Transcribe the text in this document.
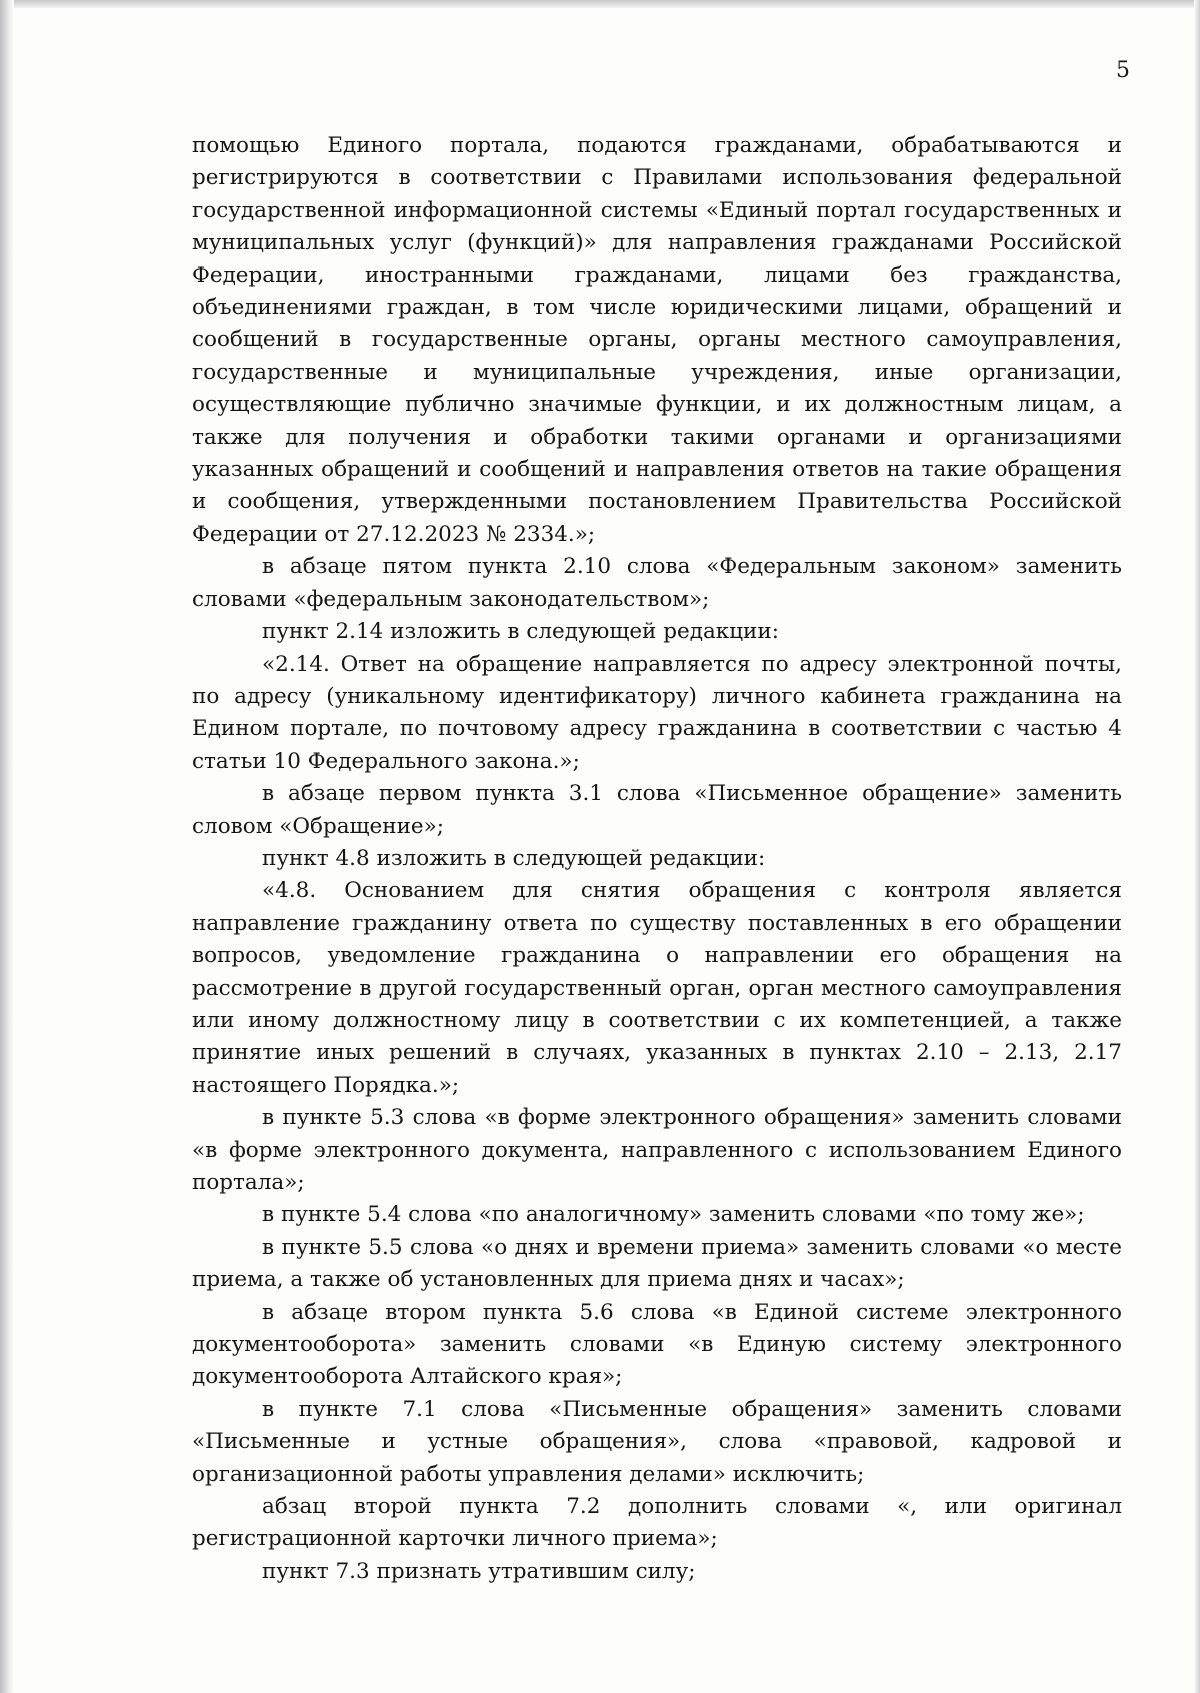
5

помощью Единого портала, подаются гражданами, обрабатываются и регистрируются в соответствии с Правилами использования федеральной государственной информационной системы «Единый портал государственных и муниципальных услуг (функций)» для направления гражданами Российской Федерации, иностранными гражданами, лицами без гражданства, объединениями граждан, в том числе юридическими лицами, обращений и сообщений в государственные органы, органы местного самоуправления, государственные и муниципальные учреждения, иные организации, осуществляющие публично значимые функции, и их должностным лицам, а также для получения и обработки такими органами и организациями указанных обращений и сообщений и направления ответов на такие обращения и сообщения, утвержденными постановлением Правительства Российской Федерации от 27.12.2023 № 2334.»;

в абзаце пятом пункта 2.10 слова «Федеральным законом» заменить словами «федеральным законодательством»;

пункт 2.14 изложить в следующей редакции:

«2.14. Ответ на обращение направляется по адресу электронной почты, по адресу (уникальному идентификатору) личного кабинета гражданина на Едином портале, по почтовому адресу гражданина в соответствии с частью 4 статьи 10 Федерального закона.»;

в абзаце первом пункта 3.1 слова «Письменное обращение» заменить словом «Обращение»;

пункт 4.8 изложить в следующей редакции:

«4.8. Основанием для снятия обращения с контроля является направление гражданину ответа по существу поставленных в его обращении вопросов, уведомление гражданина о направлении его обращения на рассмотрение в другой государственный орган, орган местного самоуправления или иному должностному лицу в соответствии с их компетенцией, а также принятие иных решений в случаях, указанных в пунктах 2.10 – 2.13, 2.17 настоящего Порядка.»;

в пункте 5.3 слова «в форме электронного обращения» заменить словами «в форме электронного документа, направленного с использованием Единого портала»;

в пункте 5.4 слова «по аналогичному» заменить словами «по тому же»;

в пункте 5.5 слова «о днях и времени приема» заменить словами «о месте приема, а также об установленных для приема днях и часах»;

в абзаце втором пункта 5.6 слова «в Единой системе электронного документооборота» заменить словами «в Единую систему электронного документооборота Алтайского края»;

в пункте 7.1 слова «Письменные обращения» заменить словами «Письменные и устные обращения», слова «правовой, кадровой и организационной работы управления делами» исключить;

абзац второй пункта 7.2 дополнить словами «, или оригинал регистрационной карточки личного приема»;

пункт 7.3 признать утратившим силу;
